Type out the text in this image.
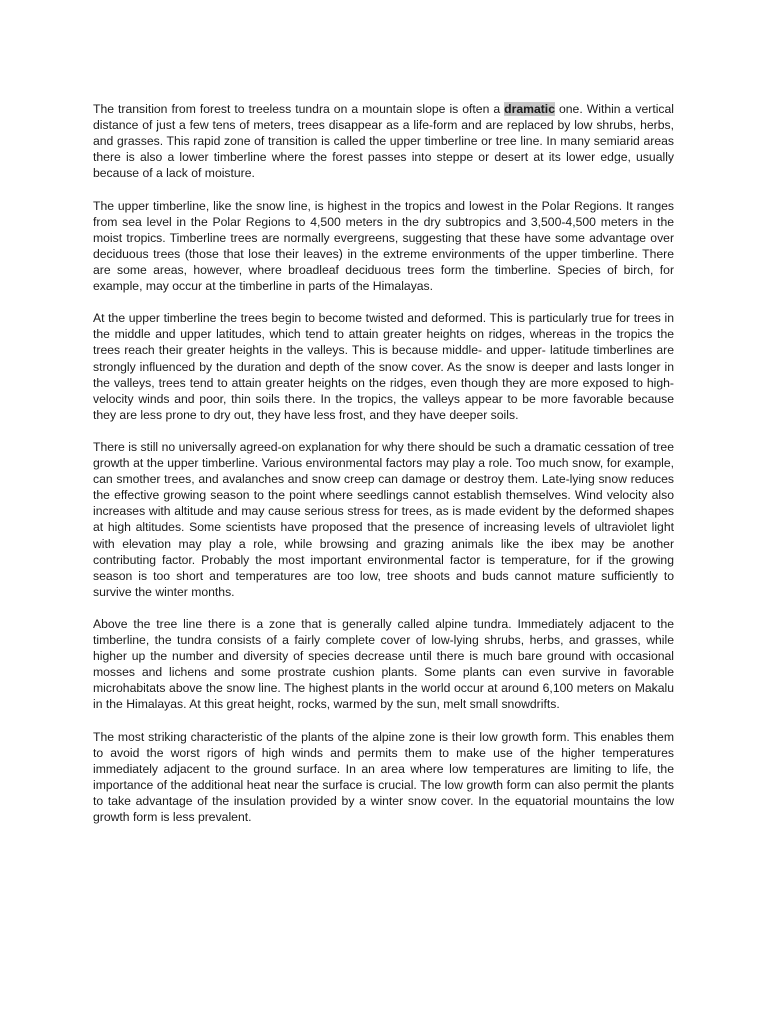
The transition from forest to treeless tundra on a mountain slope is often a dramatic one. Within a vertical distance of just a few tens of meters, trees disappear as a life-form and are replaced by low shrubs, herbs, and grasses. This rapid zone of transition is called the upper timberline or tree line. In many semiarid areas there is also a lower timberline where the forest passes into steppe or desert at its lower edge, usually because of a lack of moisture.

The upper timberline, like the snow line, is highest in the tropics and lowest in the Polar Regions. It ranges from sea level in the Polar Regions to 4,500 meters in the dry subtropics and 3,500-4,500 meters in the moist tropics. Timberline trees are normally evergreens, suggesting that these have some advantage over deciduous trees (those that lose their leaves) in the extreme environments of the upper timberline. There are some areas, however, where broadleaf deciduous trees form the timberline. Species of birch, for example, may occur at the timberline in parts of the Himalayas.

At the upper timberline the trees begin to become twisted and deformed. This is particularly true for trees in the middle and upper latitudes, which tend to attain greater heights on ridges, whereas in the tropics the trees reach their greater heights in the valleys. This is because middle- and upper- latitude timberlines are strongly influenced by the duration and depth of the snow cover. As the snow is deeper and lasts longer in the valleys, trees tend to attain greater heights on the ridges, even though they are more exposed to high-velocity winds and poor, thin soils there. In the tropics, the valleys appear to be more favorable because they are less prone to dry out, they have less frost, and they have deeper soils.

There is still no universally agreed-on explanation for why there should be such a dramatic cessation of tree growth at the upper timberline. Various environmental factors may play a role. Too much snow, for example, can smother trees, and avalanches and snow creep can damage or destroy them. Late-lying snow reduces the effective growing season to the point where seedlings cannot establish themselves. Wind velocity also increases with altitude and may cause serious stress for trees, as is made evident by the deformed shapes at high altitudes. Some scientists have proposed that the presence of increasing levels of ultraviolet light with elevation may play a role, while browsing and grazing animals like the ibex may be another contributing factor. Probably the most important environmental factor is temperature, for if the growing season is too short and temperatures are too low, tree shoots and buds cannot mature sufficiently to survive the winter months.

Above the tree line there is a zone that is generally called alpine tundra. Immediately adjacent to the timberline, the tundra consists of a fairly complete cover of low-lying shrubs, herbs, and grasses, while higher up the number and diversity of species decrease until there is much bare ground with occasional mosses and lichens and some prostrate cushion plants. Some plants can even survive in favorable microhabitats above the snow line. The highest plants in the world occur at around 6,100 meters on Makalu in the Himalayas. At this great height, rocks, warmed by the sun, melt small snowdrifts.

The most striking characteristic of the plants of the alpine zone is their low growth form. This enables them to avoid the worst rigors of high winds and permits them to make use of the higher temperatures immediately adjacent to the ground surface. In an area where low temperatures are limiting to life, the importance of the additional heat near the surface is crucial. The low growth form can also permit the plants to take advantage of the insulation provided by a winter snow cover. In the equatorial mountains the low growth form is less prevalent.
